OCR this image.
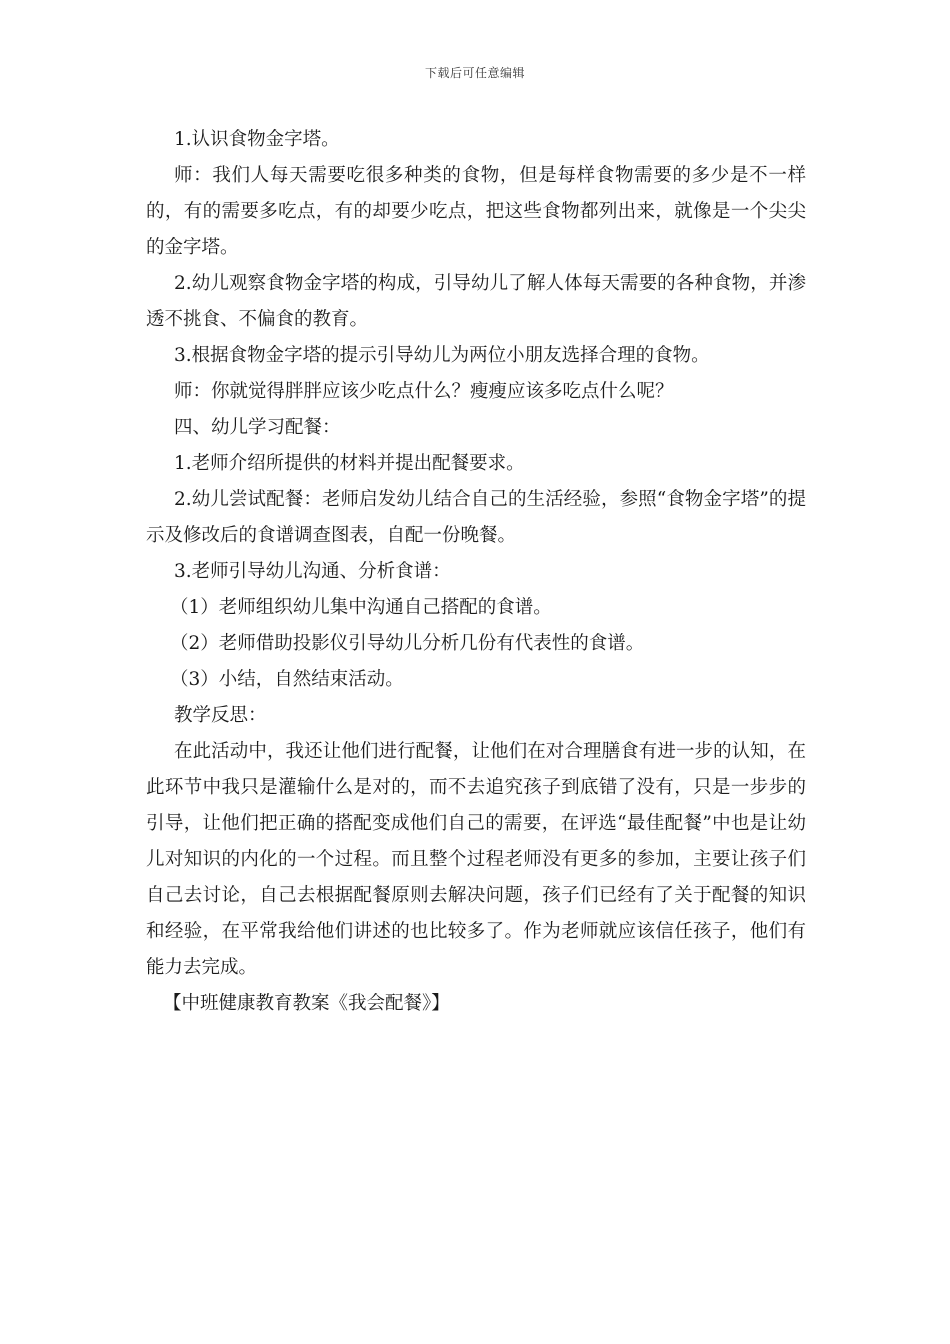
下载后可任意编辑

1.认识食物金字塔。

师：我们人每天需要吃很多种类的食物，但是每样食物需要的多少是不一样的，有的需要多吃点，有的却要少吃点，把这些食物都列出来，就像是一个尖尖的金字塔。

2.幼儿观察食物金字塔的构成，引导幼儿了解人体每天需要的各种食物，并渗透不挑食、不偏食的教育。

3.根据食物金字塔的提示引导幼儿为两位小朋友选择合理的食物。

师：你就觉得胖胖应该少吃点什么？瘦瘦应该多吃点什么呢？

四、幼儿学习配餐：

1.老师介绍所提供的材料并提出配餐要求。

2.幼儿尝试配餐：老师启发幼儿结合自己的生活经验，参照“食物金字塔”的提示及修改后的食谱调查图表，自配一份晚餐。

3.老师引导幼儿沟通、分析食谱：

（1）老师组织幼儿集中沟通自己搭配的食谱。

（2）老师借助投影仪引导幼儿分析几份有代表性的食谱。

（3）小结，自然结束活动。

教学反思：

在此活动中，我还让他们进行配餐，让他们在对合理膳食有进一步的认知，在此环节中我只是灌输什么是对的，而不去追究孩子到底错了没有，只是一步步的引导，让他们把正确的搭配变成他们自己的需要，在评选“最佳配餐”中也是让幼儿对知识的内化的一个过程。而且整个过程老师没有更多的参加，主要让孩子们自己去讨论，自己去根据配餐原则去解决问题，孩子们已经有了关于配餐的知识和经验，在平常我给他们讲述的也比较多了。作为老师就应该信任孩子，他们有能力去完成。

【中班健康教育教案《我会配餐》】
